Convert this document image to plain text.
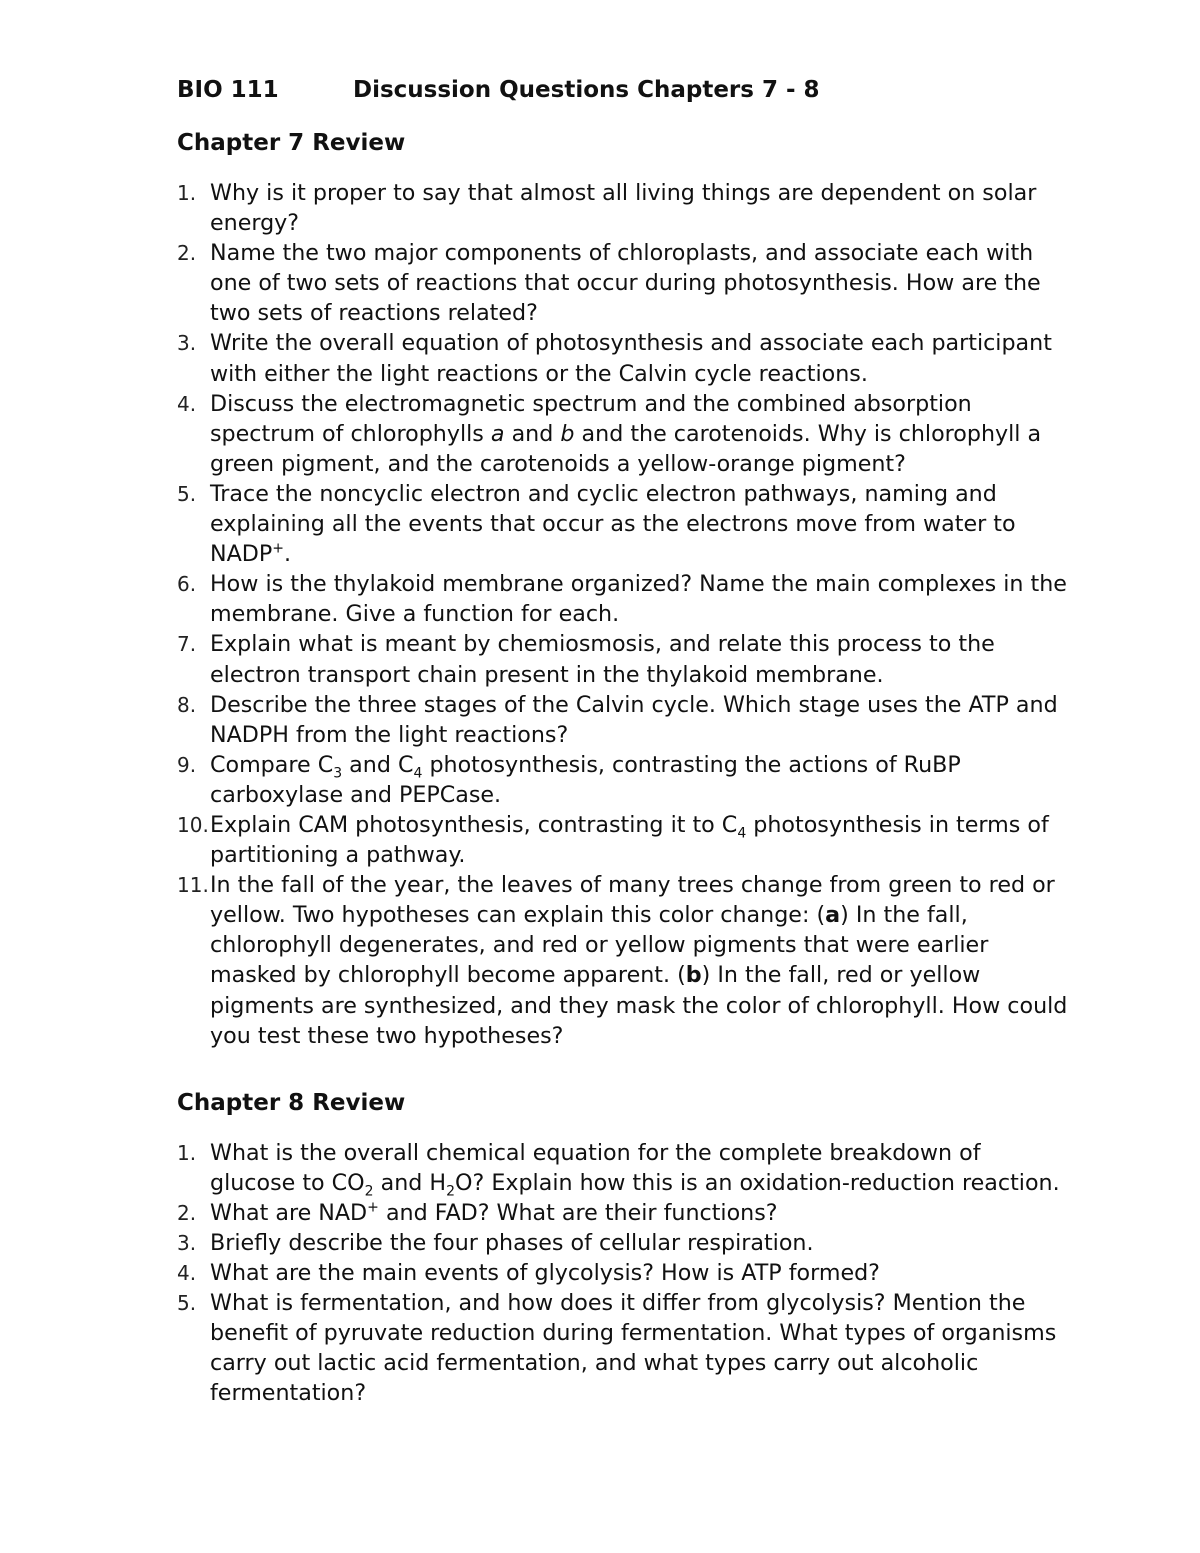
BIO 111	Discussion Questions Chapters 7 - 8
Chapter 7 Review
1. Why is it proper to say that almost all living things are dependent on solar energy?
2. Name the two major components of chloroplasts, and associate each with one of two sets of reactions that occur during photosynthesis. How are the two sets of reactions related?
3. Write the overall equation of photosynthesis and associate each participant with either the light reactions or the Calvin cycle reactions.
4. Discuss the electromagnetic spectrum and the combined absorption spectrum of chlorophylls a and b and the carotenoids. Why is chlorophyll a green pigment, and the carotenoids a yellow-orange pigment?
5. Trace the noncyclic electron and cyclic electron pathways, naming and explaining all the events that occur as the electrons move from water to NADP+.
6. How is the thylakoid membrane organized? Name the main complexes in the membrane. Give a function for each.
7. Explain what is meant by chemiosmosis, and relate this process to the electron transport chain present in the thylakoid membrane.
8. Describe the three stages of the Calvin cycle. Which stage uses the ATP and NADPH from the light reactions?
9. Compare $C_3$ and $C_4$ photosynthesis, contrasting the actions of RuBP carboxylase and PEPCase.
10. Explain CAM photosynthesis, contrasting it to $C_4$ photosynthesis in terms of partitioning a pathway.
11. In the fall of the year, the leaves of many trees change from green to red or yellow. Two hypotheses can explain this color change: (a) In the fall, chlorophyll degenerates, and red or yellow pigments that were earlier masked by chlorophyll become apparent. (b) In the fall, red or yellow pigments are synthesized, and they mask the color of chlorophyll. How could you test these two hypotheses?
Chapter 8 Review
1. What is the overall chemical equation for the complete breakdown of glucose to $CO_2$ and $H_2O$? Explain how this is an oxidation-reduction reaction.
2. What are NAD+ and FAD? What are their functions?
3. Briefly describe the four phases of cellular respiration.
4. What are the main events of glycolysis? How is ATP formed?
5. What is fermentation, and how does it differ from glycolysis? Mention the benefit of pyruvate reduction during fermentation. What types of organisms carry out lactic acid fermentation, and what types carry out alcoholic fermentation?
